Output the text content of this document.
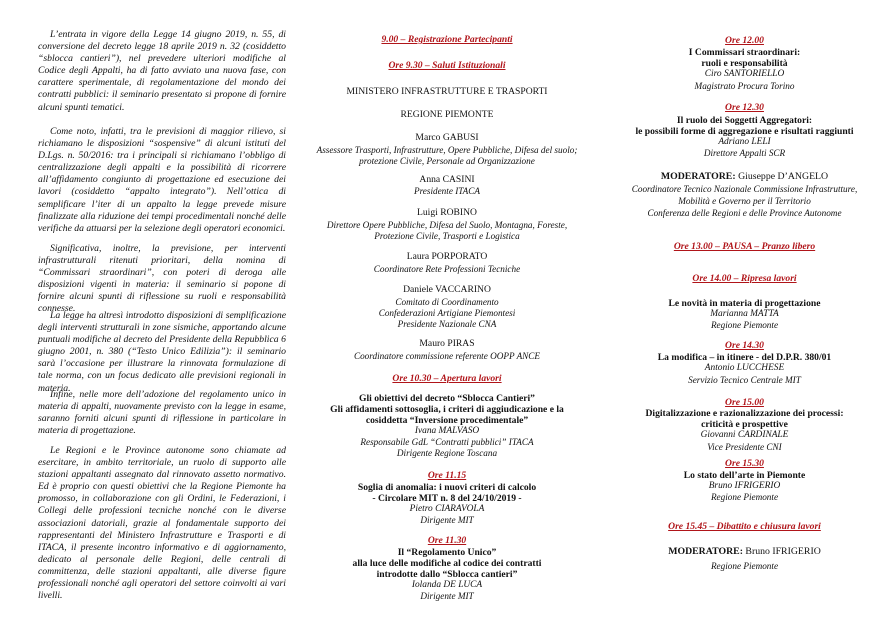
L’entrata in vigore della Legge 14 giugno 2019, n. 55, di conversione del decreto legge 18 aprile 2019 n. 32 (cosiddetto “sblocca cantieri”), nel prevedere ulteriori modifiche al Codice degli Appalti, ha di fatto avviato una nuova fase, con carattere sperimentale, di regolamentazione del mondo dei contratti pubblici: il seminario presentato si propone di fornire alcuni spunti tematici.
Come noto, infatti, tra le previsioni di maggior rilievo, si richiamano le disposizioni “sospensive” di alcuni istituti del D.Lgs. n. 50/2016: tra i principali si richiamano l’obbligo di centralizzazione degli appalti e la possibilità di ricorrere all’affidamento congiunto di progettazione ed esecuzione dei lavori (cosiddetto “appalto integrato”). Nell’ottica di semplificare l’iter di un appalto la legge prevede misure finalizzate alla riduzione dei tempi procedimentali nonché delle verifiche da attuarsi per la selezione degli operatori economici.
Significativa, inoltre, la previsione, per interventi infrastrutturali ritenuti prioritari, della nomina di “Commissari straordinari”, con poteri di deroga alle disposizioni vigenti in materia: il seminario si popone di fornire alcuni spunti di riflessione su ruoli e responsabilità connesse.
La legge ha altresì introdotto disposizioni di semplificazione degli interventi strutturali in zone sismiche, apportando alcune puntuali modifiche al decreto del Presidente della Repubblica 6 giugno 2001, n. 380 (“Testo Unico Edilizia”): il seminario sarà l’occasione per illustrare la rinnovata formulazione di tale norma, con un focus dedicato alle previsioni regionali in materia.
Infine, nelle more dell’adozione del regolamento unico in materia di appalti, nuovamente previsto con la legge in esame, saranno forniti alcuni spunti di riflessione in particolare in materia di progettazione.
Le Regioni e le Province autonome sono chiamate ad esercitare, in ambito territoriale, un ruolo di supporto alle stazioni appaltanti assegnato dal rinnovato assetto normativo. Ed è proprio con questi obiettivi che la Regione Piemonte ha promosso, in collaborazione con gli Ordini, le Federazioni, i Collegi delle professioni tecniche nonché con le diverse associazioni datoriali, grazie al fondamentale supporto dei rappresentanti del Ministero Infrastrutture e Trasporti e di ITACA, il presente incontro informativo e di aggiornamento, dedicato al personale delle Regioni, delle centrali di committenza, delle stazioni appaltanti, alle diverse figure professionali nonché agli operatori del settore coinvolti ai vari livelli.
9.00 – Registrazione Partecipanti
Ore 9.30 – Saluti Istituzionali
MINISTERO INFRASTRUTTURE E TRASPORTI
REGIONE PIEMONTE
Marco GABUSI
Assessore Trasporti, Infrastrutture, Opere Pubbliche, Difesa del suolo;
protezione Civile, Personale ad Organizzazione
Anna CASINI
Presidente ITACA
Luigi ROBINO
Direttore Opere Pubbliche, Difesa del Suolo, Montagna, Foreste,
Protezione Civile, Trasporti e Logistica
Laura PORPORATO
Coordinatore Rete Professioni Tecniche
Daniele VACCARINO
Comitato di Coordinamento
Confederazioni Artigiane Piemontesi
Presidente Nazionale CNA
Mauro PIRAS
Coordinatore commissione referente OOPP ANCE
Ore 10.30 – Apertura lavori
Gli obiettivi del decreto “Sblocca Cantieri”
Gli affidamenti sottosoglia, i criteri di aggiudicazione e la
cosiddetta “Inversione procedimentale”
Ivana MALVASO
Responsabile GdL “Contratti pubblici” ITACA
Dirigente Regione Toscana
Ore 11.15
Soglia di anomalia: i nuovi criteri di calcolo
- Circolare MIT n. 8 del 24/10/2019 -
Pietro CIARAVOLA
Dirigente MIT
Ore 11.30
Il “Regolamento Unico”
alla luce delle modifiche al codice dei contratti
introdotte dallo “Sblocca cantieri”
Iolanda DE LUCA
Dirigente MIT
Ore 12.00
I Commissari straordinari:
ruoli e responsabilità
Ciro SANTORIELLO
Magistrato Procura Torino
Ore 12.30
Il ruolo dei Soggetti Aggregatori:
le possibili forme di aggregazione e risultati raggiunti
Adriano LELI
Direttore Appalti SCR
MODERATORE: Giuseppe D’ANGELO
Coordinatore Tecnico Nazionale Commissione Infrastrutture,
Mobilità e Governo per il Territorio
Conferenza delle Regioni e delle Province Autonome
Ore 13.00 – PAUSA – Pranzo libero
Ore 14.00 – Ripresa lavori
Le novità in materia di progettazione
Marianna MATTA
Regione Piemonte
Ore 14.30
La modifica – in itinere - del D.P.R. 380/01
Antonio LUCCHESE
Servizio Tecnico Centrale MIT
Ore 15.00
Digitalizzazione e razionalizzazione dei processi:
criticità e prospettive
Giovanni CARDINALE
Vice Presidente CNI
Ore 15.30
Lo stato dell’arte in Piemonte
Bruno IFRIGERIO
Regione Piemonte
Ore 15.45 – Dibattito e chiusura lavori
MODERATORE: Bruno IFRIGERIO
Regione Piemonte
